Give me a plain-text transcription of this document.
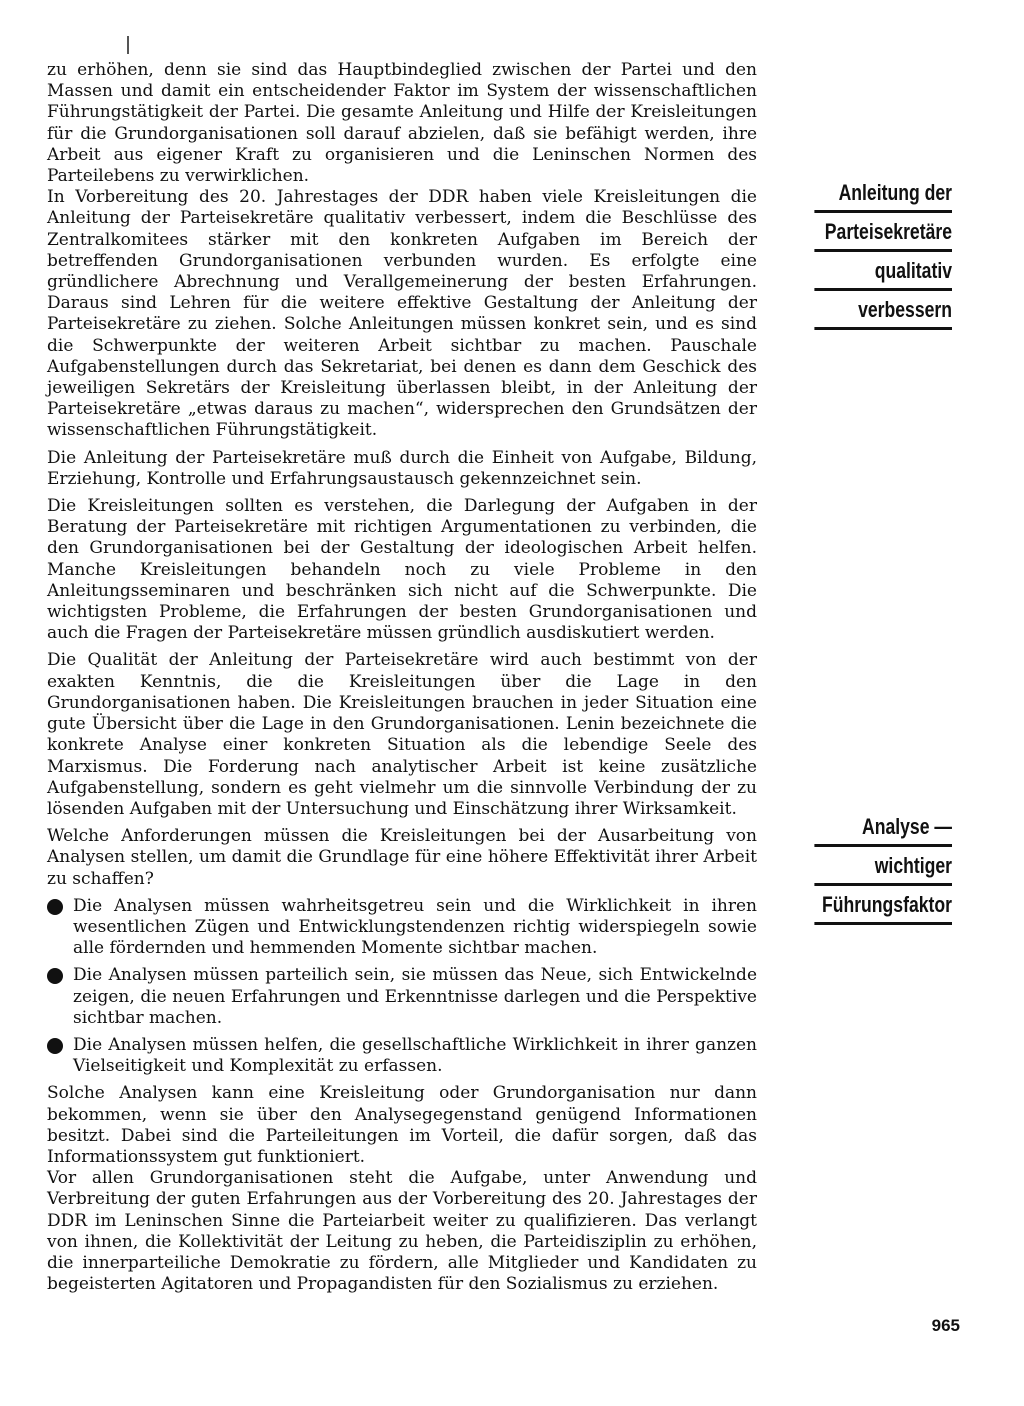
zu erhöhen, denn sie sind das Hauptbindeglied zwischen der Partei und den Massen und damit ein entscheidender Faktor im System der wissenschaftlichen Führungstätigkeit der Partei. Die gesamte Anleitung und Hilfe der Kreisleitungen für die Grundorganisationen soll darauf abzielen, daß sie befähigt werden, ihre Arbeit aus eigener Kraft zu organisieren und die Leninschen Normen des Parteilebens zu verwirklichen.

In Vorbereitung des 20. Jahrestages der DDR haben viele Kreisleitungen die Anleitung der Parteisekretäre qualitativ verbessert, indem die Beschlüsse des Zentralkomitees stärker mit den konkreten Aufgaben im Bereich der betreffenden Grundorganisationen verbunden wurden. Es erfolgte eine gründlichere Abrechnung und Verallgemeinerung der besten Erfahrungen. Daraus sind Lehren für die weitere effektive Gestaltung der Anleitung der Parteisekretäre zu ziehen. Solche Anleitungen müssen konkret sein, und es sind die Schwerpunkte der weiteren Arbeit sichtbar zu machen. Pauschale Aufgabenstellungen durch das Sekretariat, bei denen es dann dem Geschick des jeweiligen Sekretärs der Kreisleitung überlassen bleibt, in der Anleitung der Parteisekretäre „etwas daraus zu machen“, widersprechen den Grundsätzen der wissenschaftlichen Führungstätigkeit.

Die Anleitung der Parteisekretäre muß durch die Einheit von Aufgabe, Bildung, Erziehung, Kontrolle und Erfahrungsaustausch gekennzeichnet sein.

Die Kreisleitungen sollten es verstehen, die Darlegung der Aufgaben in der Beratung der Parteisekretäre mit richtigen Argumentationen zu verbinden, die den Grundorganisationen bei der Gestaltung der ideologischen Arbeit helfen. Manche Kreisleitungen behandeln noch zu viele Probleme in den Anleitungsseminaren und beschränken sich nicht auf die Schwerpunkte. Die wichtigsten Probleme, die Erfahrungen der besten Grundorganisationen und auch die Fragen der Parteisekretäre müssen gründlich ausdiskutiert werden.

Die Qualität der Anleitung der Parteisekretäre wird auch bestimmt von der exakten Kenntnis, die die Kreisleitungen über die Lage in den Grundorganisationen haben. Die Kreisleitungen brauchen in jeder Situation eine gute Übersicht über die Lage in den Grundorganisationen. Lenin bezeichnete die konkrete Analyse einer konkreten Situation als die lebendige Seele des Marxismus. Die Forderung nach analytischer Arbeit ist keine zusätzliche Aufgabenstellung, sondern es geht vielmehr um die sinnvolle Verbindung der zu lösenden Aufgaben mit der Untersuchung und Einschätzung ihrer Wirksamkeit.

Welche Anforderungen müssen die Kreisleitungen bei der Ausarbeitung von Analysen stellen, um damit die Grundlage für eine höhere Effektivität ihrer Arbeit zu schaffen?

Die Analysen müssen wahrheitsgetreu sein und die Wirklichkeit in ihren wesentlichen Zügen und Entwicklungstendenzen richtig widerspiegeln sowie alle fördernden und hemmenden Momente sichtbar machen.
Die Analysen müssen parteilich sein, sie müssen das Neue, sich Entwickelnde zeigen, die neuen Erfahrungen und Erkenntnisse darlegen und die Perspektive sichtbar machen.
Die Analysen müssen helfen, die gesellschaftliche Wirklichkeit in ihrer ganzen Vielseitigkeit und Komplexität zu erfassen.

Solche Analysen kann eine Kreisleitung oder Grundorganisation nur dann bekommen, wenn sie über den Analysegegenstand genügend Informationen besitzt. Dabei sind die Parteileitungen im Vorteil, die dafür sorgen, daß das Informationssystem gut funktioniert.

Vor allen Grundorganisationen steht die Aufgabe, unter Anwendung und Verbreitung der guten Erfahrungen aus der Vorbereitung des 20. Jahrestages der DDR im Leninschen Sinne die Parteiarbeit weiter zu qualifizieren. Das verlangt von ihnen, die Kollektivität der Leitung zu heben, die Parteidisziplin zu erhöhen, die innerparteiliche Demokratie zu fördern, alle Mitglieder und Kandidaten zu begeisterten Agitatoren und Propagandisten für den Sozialismus zu erziehen.

Anleitung der
Parteisekretäre
qualitativ
verbessern
Analyse —
wichtiger
Führungsfaktor
965
